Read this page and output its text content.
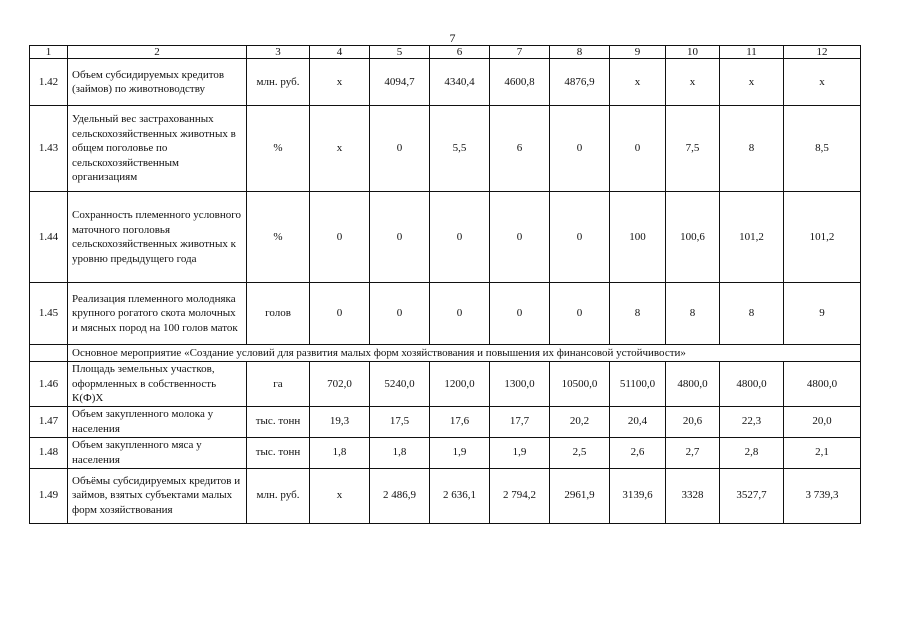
7
1	2	3	4	5	6	7	8	9	10	11	12
1.42	Объем субсидируемых кредитов (займов) по животноводству	млн. руб.	x	4094,7	4340,4	4600,8	4876,9	x	x	x	x
1.43	Удельный вес застрахованных сельскохозяйственных животных в общем поголовье по сельскохозяйственным организациям	%	x	0	5,5	6	0	0	7,5	8	8,5
1.44	Сохранность племенного условного маточного поголовья сельскохозяйственных животных к уровню предыдущего года	%	0	0	0	0	0	100	100,6	101,2	101,2
1.45	Реализация племенного молодняка крупного рогатого скота молочных и мясных пород на 100 голов маток	голов	0	0	0	0	0	8	8	8	9
	Основное мероприятие «Создание условий для развития малых форм хозяйствования и повышения их финансовой устойчивости»										
1.46	Площадь земельных участков, оформленных в собственность К(Ф)Х	га	702,0	5240,0	1200,0	1300,0	10500,0	51100,0	4800,0	4800,0	4800,0
1.47	Объем закупленного молока у населения	тыс. тонн	19,3	17,5	17,6	17,7	20,2	20,4	20,6	22,3	20,0
1.48	Объем закупленного мяса у населения	тыс. тонн	1,8	1,8	1,9	1,9	2,5	2,6	2,7	2,8	2,1
1.49	Объёмы субсидируемых кредитов и займов, взятых субъектами малых форм хозяйствования	млн. руб.	x	2 486,9	2 636,1	2 794,2	2961,9	3139,6	3328	3527,7	3 739,3
